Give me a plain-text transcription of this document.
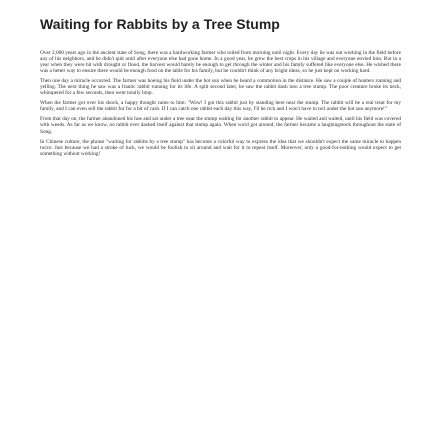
Waiting for Rabbits by a Tree Stump

Over 2,000 years ago in the ancient state of Song, there was a hardworking farmer who toiled from morning until night. Every day he was out working in the field before any of his neighbors, and he didn't quit until after everyone else had gone home. In a good year, he grew the best crops in his village and everyone envied him. But in a year when they were hit with drought or flood, the harvest would barely be enough to get through the winter and his family suffered like everyone else. He wished there was a better way to ensure there would be enough food on the table for his family, but he couldn't think of any bright ideas, so he just kept on working hard.

Then one day a miracle occurred. The farmer was hoeing his field under the hot sun when he heard a commotion in the distance. He saw a couple of hunters running and yelling. The next thing he saw was a frantic rabbit running for its life. A split second later, he saw the rabbit dash into a tree stump. The poor creature broke its neck, whimpered for a few seconds, then went totally limp.

When the farmer got over his shock, a happy thought came to him: "Wow! I got this rabbit just by standing here near the stump. The rabbit will be a real treat for my family, and I can even sell the rabbit fur for a bit of cash. If I can catch one rabbit each day this way, I'll be rich and I won't have to toil under the hot sun anymore!"

From that day on, the farmer abandoned his hoe and sat under a tree near the stump waiting for another rabbit to appear. He waited and waited, until his field was covered with weeds. As far as we know, no rabbit ever dashed itself against that stump again. When word got around, the farmer became a laughingstock throughout the state of Song.

In Chinese culture, the phrase "waiting for rabbits by a tree stump" has become a colorful way to express the idea that we shouldn't expect the same miracle to happen twice. Just because we had a stroke of luck, we would be foolish to sit around and wait for it to repeat itself. Moreover, only a good-for-nothing would expect to get something without working!
